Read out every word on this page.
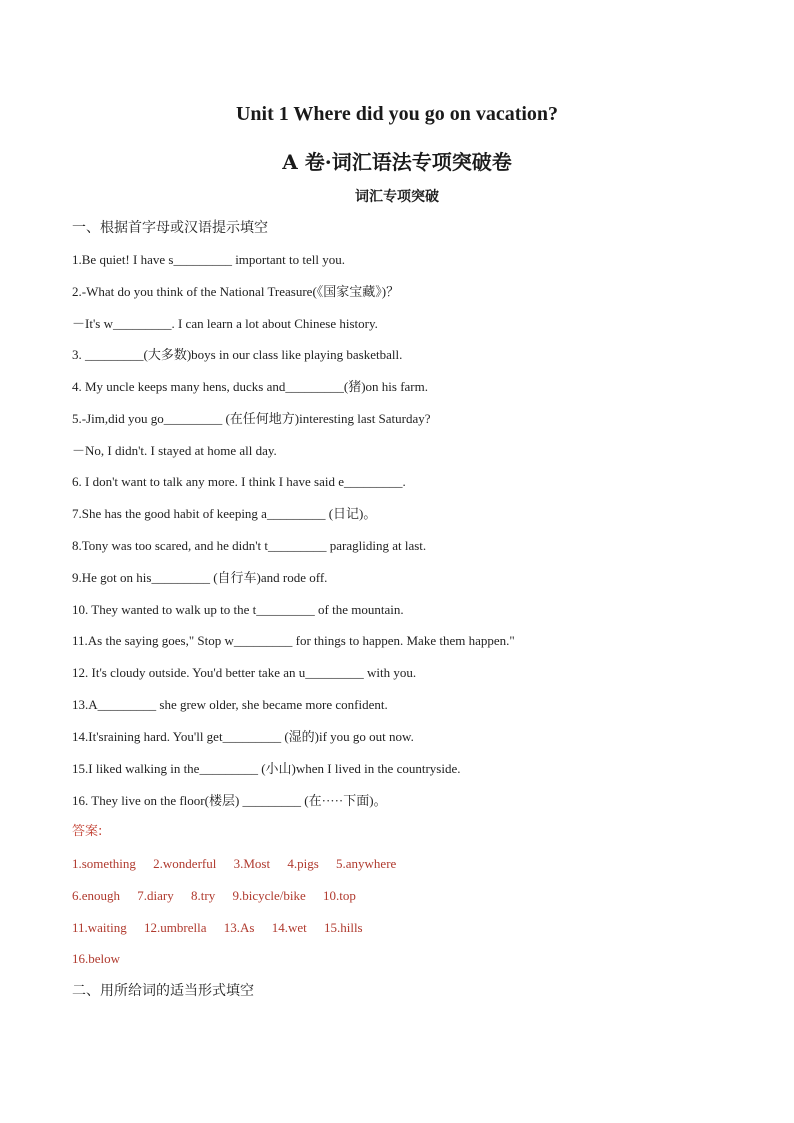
Unit 1 Where did you go on vacation?
A 卷·词汇语法专项突破卷
词汇专项突破
一、根据首字母或汉语提示填空
1.Be quiet! I have s_________ important to tell you.
2.-What do you think of the National Treasure(《国家宝藏》)？
－It's w_________. I can learn a lot about Chinese history.
3. _________(大多数)boys in our class like playing basketball.
4. My uncle keeps many hens, ducks and_________(猪)on his farm.
5.-Jim,did you go_________ (在任何地方)interesting last Saturday?
－No, I didn't. I stayed at home all day.
6. I don't want to talk any more. I think I have said e_________.
7.She has the good habit of keeping a_________ (日记)。
8.Tony was too scared, and he didn't t_________ paragliding at last.
9.He got on his_________ (自行车)and rode off.
10. They wanted to walk up to the t_________ of the mountain.
11.As the saying goes," Stop w_________ for things to happen. Make them happen."
12. It's cloudy outside. You'd better take an u_________ with you.
13.A_________ she grew older, she became more confident.
14.It'sraining hard. You'll get_________ (湿的)if you go out now.
15.I liked walking in the_________ (小山)when I lived in the countryside.
16. They live on the floor(楼层) _________ (在·····下面)。
答案:
1.something 2.wonderful 3.Most 4.pigs 5.anywhere
6.enough 7.diary 8.try 9.bicycle/bike 10.top
11.waiting 12.umbrella 13.As 14.wet 15.hills
16.below
二、用所给词的适当形式填空
